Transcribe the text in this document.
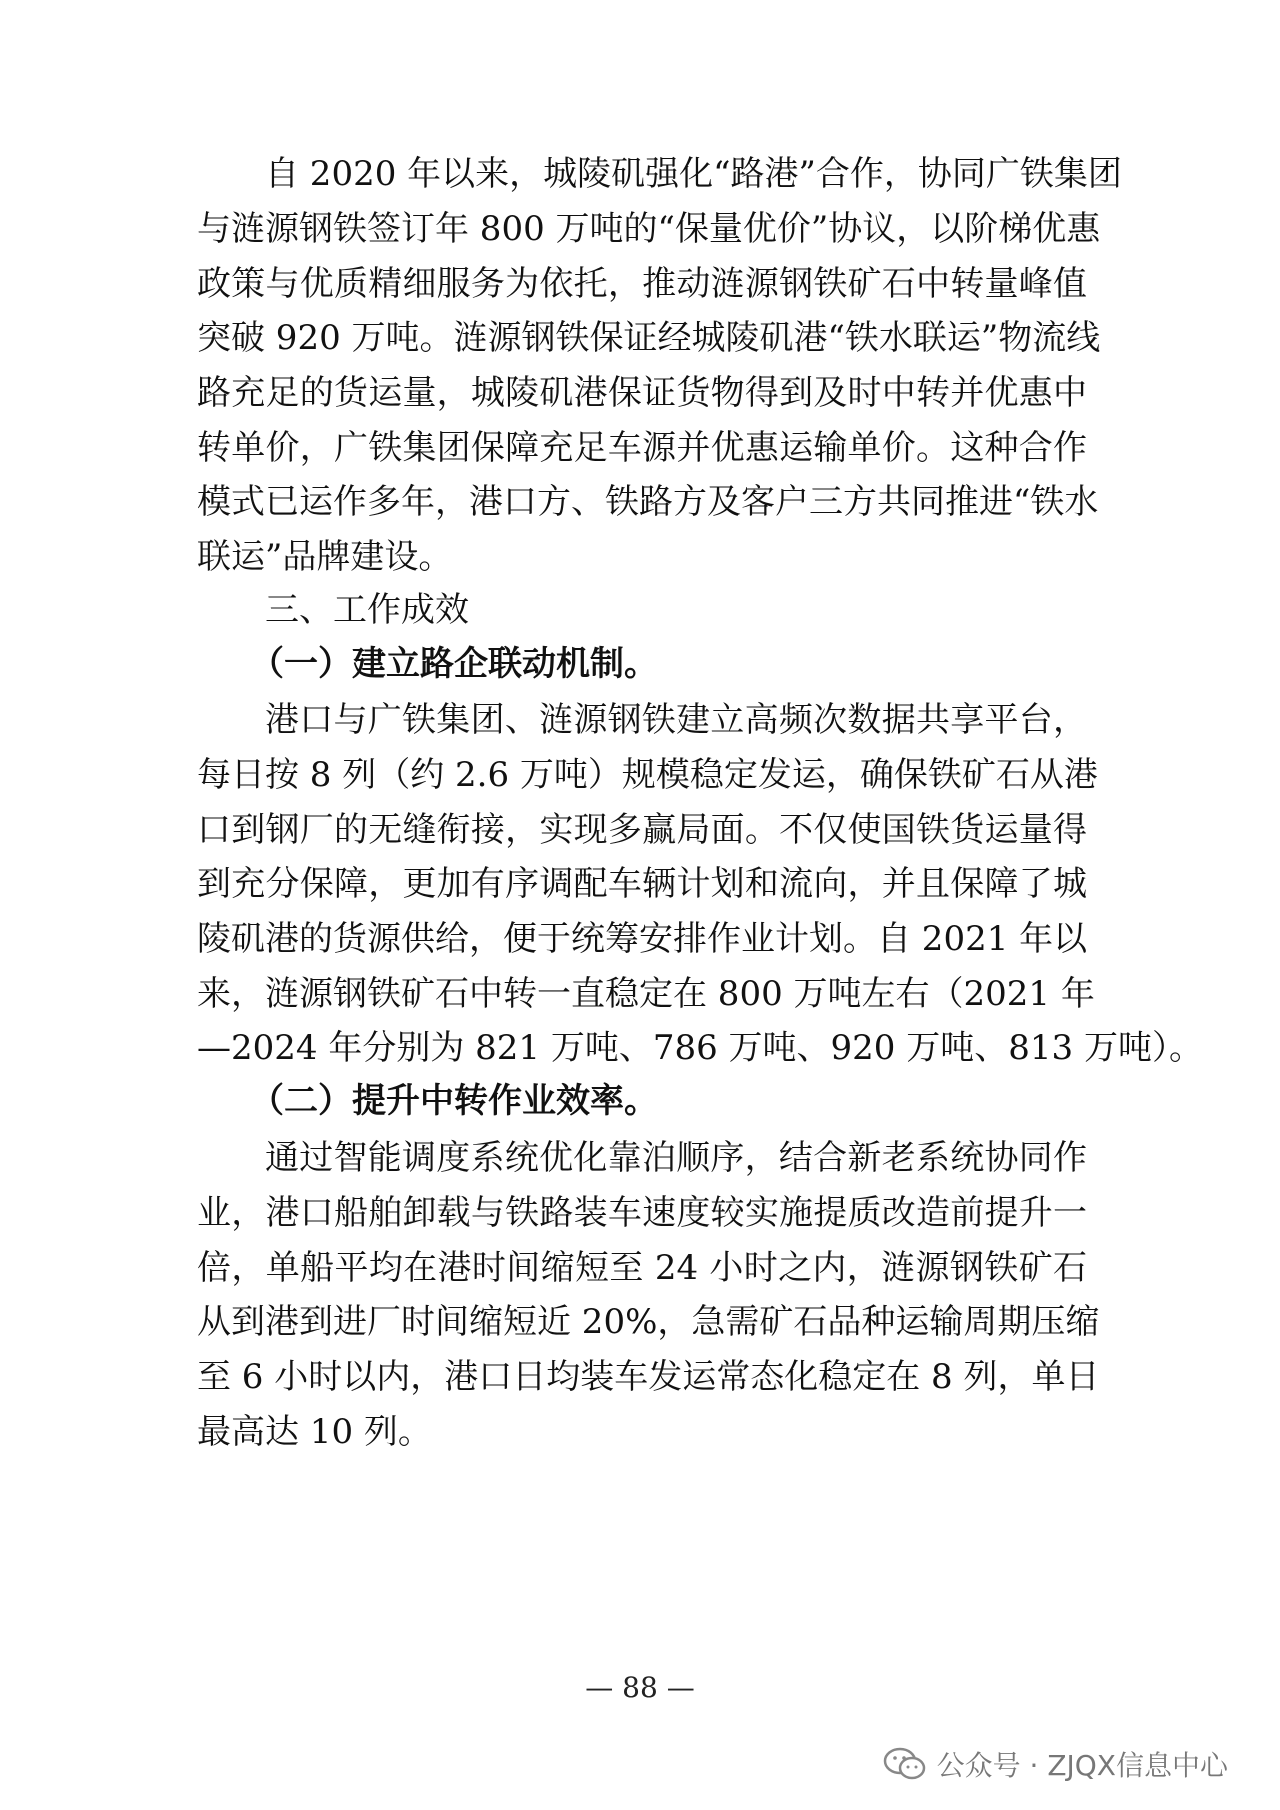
自 2020 年以来，城陵矶强化“路港”合作，协同广铁集团
与涟源钢铁签订年 800 万吨的“保量优价”协议，以阶梯优惠
政策与优质精细服务为依托，推动涟源钢铁矿石中转量峰值
突破 920 万吨。涟源钢铁保证经城陵矶港“铁水联运”物流线
路充足的货运量，城陵矶港保证货物得到及时中转并优惠中
转单价，广铁集团保障充足车源并优惠运输单价。这种合作
模式已运作多年，港口方、铁路方及客户三方共同推进“铁水
联运”品牌建设。
三、工作成效
（一）建立路企联动机制。
港口与广铁集团、涟源钢铁建立高频次数据共享平台，
每日按 8 列（约 2.6 万吨）规模稳定发运，确保铁矿石从港
口到钢厂的无缝衔接，实现多赢局面。不仅使国铁货运量得
到充分保障，更加有序调配车辆计划和流向，并且保障了城
陵矶港的货源供给，便于统筹安排作业计划。自 2021 年以
来，涟源钢铁矿石中转一直稳定在 800 万吨左右（2021 年
—2024 年分别为 821 万吨、786 万吨、920 万吨、813 万吨）。
（二）提升中转作业效率。
通过智能调度系统优化靠泊顺序，结合新老系统协同作
业，港口船舶卸载与铁路装车速度较实施提质改造前提升一
倍，单船平均在港时间缩短至 24 小时之内，涟源钢铁矿石
从到港到进厂时间缩短近 20%，急需矿石品种运输周期压缩
至 6 小时以内，港口日均装车发运常态化稳定在 8 列，单日
最高达 10 列。
— 88 —
公众号 · ZJQX信息中心
